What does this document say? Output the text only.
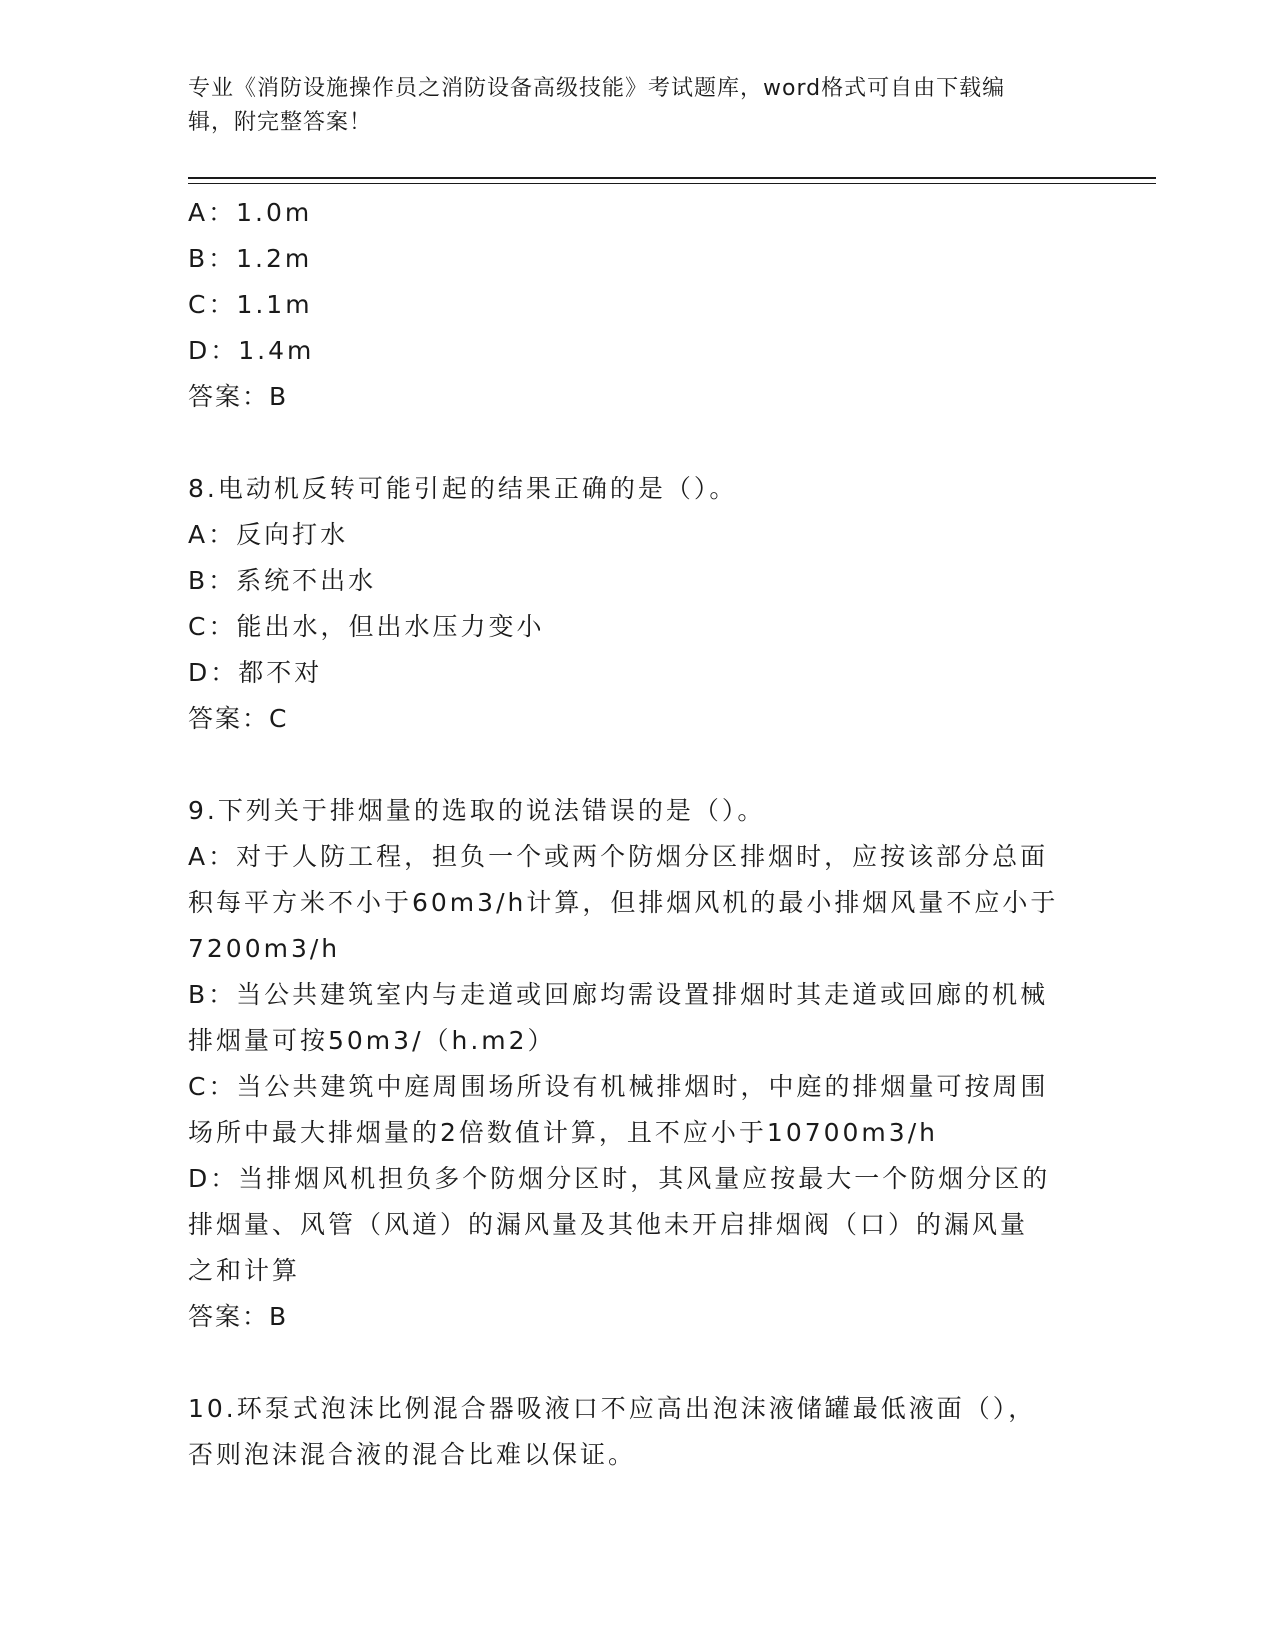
专业《消防设施操作员之消防设备高级技能》考试题库，word格式可自由下载编
辑，附完整答案！
A：1.0m
B：1.2m
C：1.1m
D：1.4m
答案：B
8.电动机反转可能引起的结果正确的是（）。
A：反向打水
B：系统不出水
C：能出水，但出水压力变小
D：都不对
答案：C
9.下列关于排烟量的选取的说法错误的是（）。
A：对于人防工程，担负一个或两个防烟分区排烟时，应按该部分总面
积每平方米不小于60m3/h计算，但排烟风机的最小排烟风量不应小于
7200m3/h
B：当公共建筑室内与走道或回廊均需设置排烟时其走道或回廊的机械
排烟量可按50m3/（h.m2）
C：当公共建筑中庭周围场所设有机械排烟时，中庭的排烟量可按周围
场所中最大排烟量的2倍数值计算，且不应小于10700m3/h
D：当排烟风机担负多个防烟分区时，其风量应按最大一个防烟分区的
排烟量、风管（风道）的漏风量及其他未开启排烟阀（口）的漏风量
之和计算
答案：B
10.环泵式泡沫比例混合器吸液口不应高出泡沫液储罐最低液面（），
否则泡沫混合液的混合比难以保证。
